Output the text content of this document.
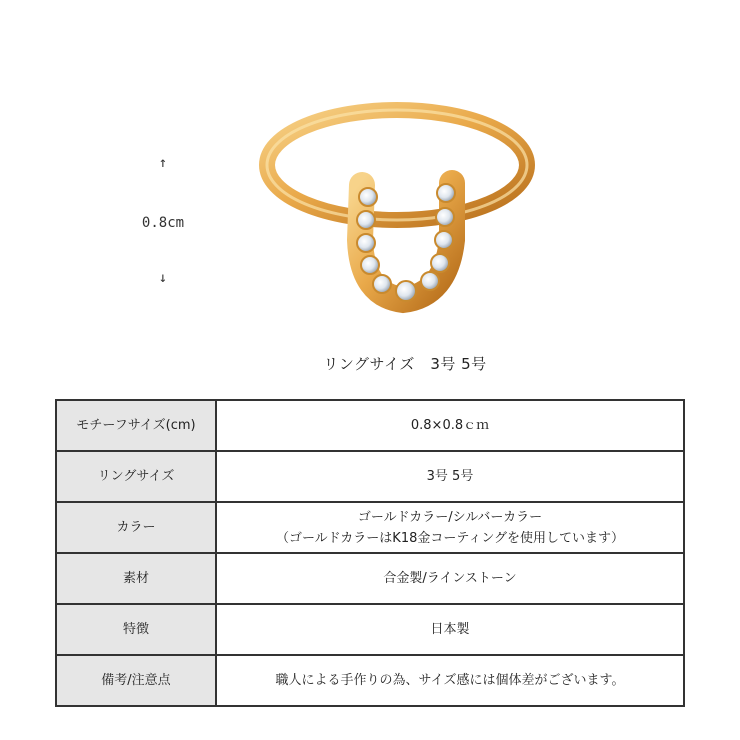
↑
0.8cm
↓
リングサイズ　3号 5号
モチーフサイズ(cm)	0.8×0.8ｃｍ

リングサイズ	3号 5号

カラー	ゴールドカラー/シルバーカラー
（ゴールドカラーはK18金コーティングを使用しています）

素材	合金製/ラインストーン

特徴	日本製

備考/注意点	職人による手作りの為、サイズ感には個体差がございます。
